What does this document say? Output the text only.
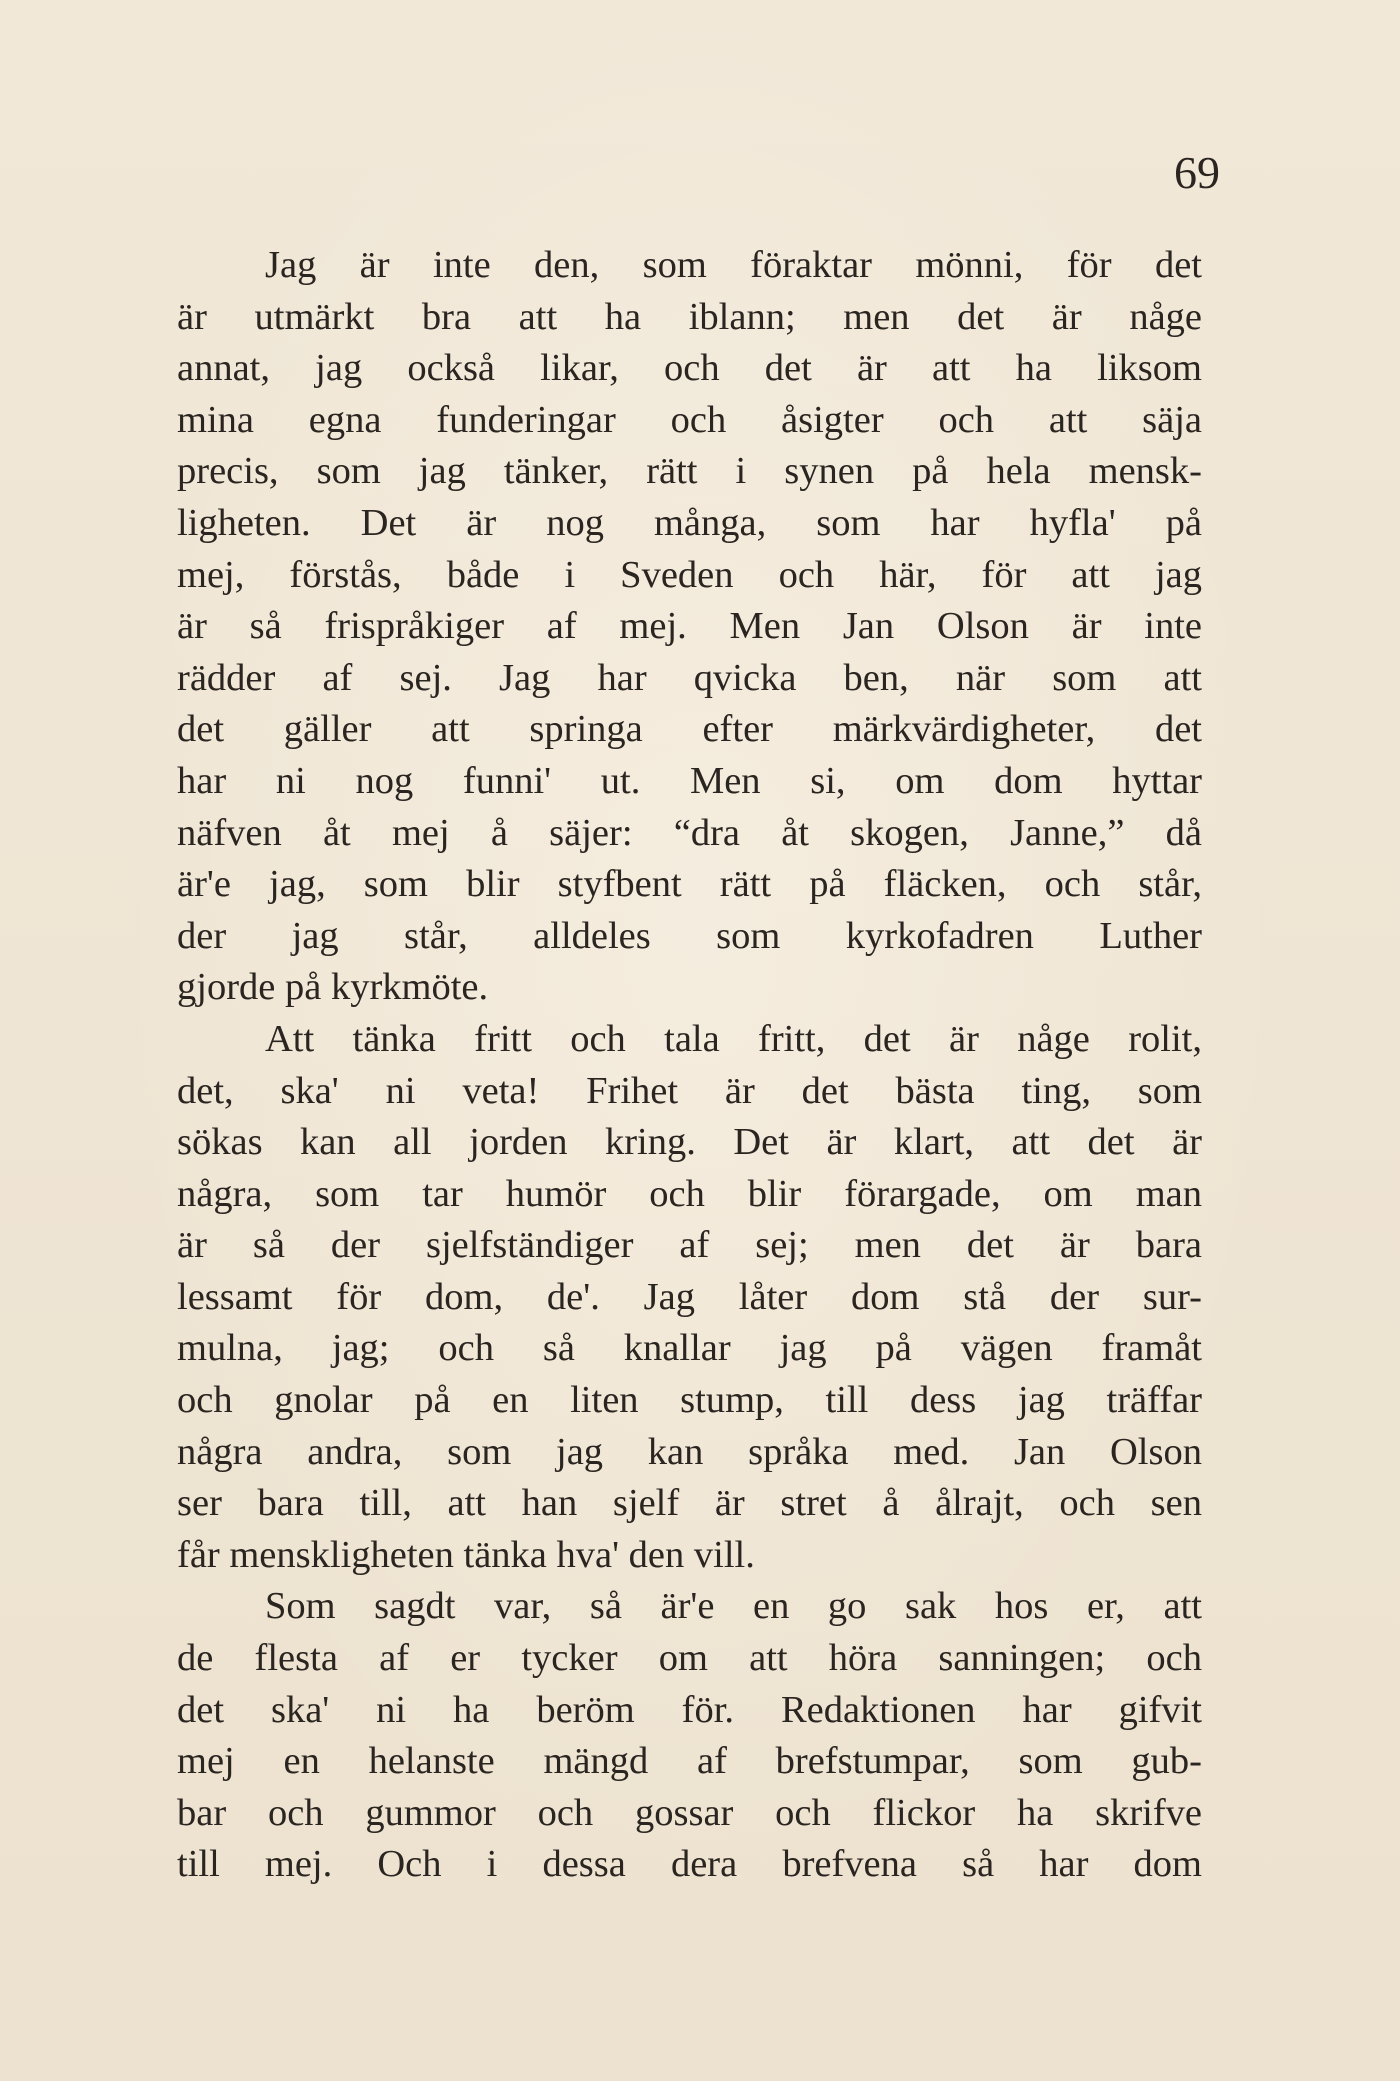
69
Jag är inte den, som föraktar mönni, för det
är utmärkt bra att ha iblann; men det är någe
annat, jag också likar, och det är att ha liksom
mina egna funderingar och åsigter och att säja
precis, som jag tänker, rätt i synen på hela mensk-
ligheten. Det är nog många, som har hyfla' på
mej, förstås, både i Sveden och här, för att jag
är så frispråkiger af mej. Men Jan Olson är inte
rädder af sej. Jag har qvicka ben, när som att
det gäller att springa efter märkvärdigheter, det
har ni nog funni' ut. Men si, om dom hyttar
näfven åt mej å säjer: “dra åt skogen, Janne,” då
är'e jag, som blir styfbent rätt på fläcken, och står,
der jag står, alldeles som kyrkofadren Luther
gjorde på kyrkmöte.
Att tänka fritt och tala fritt, det är någe rolit,
det, ska' ni veta! Frihet är det bästa ting, som
sökas kan all jorden kring. Det är klart, att det är
några, som tar humör och blir förargade, om man
är så der sjelfständiger af sej; men det är bara
lessamt för dom, de'. Jag låter dom stå der sur-
mulna, jag; och så knallar jag på vägen framåt
och gnolar på en liten stump, till dess jag träffar
några andra, som jag kan språka med. Jan Olson
ser bara till, att han sjelf är stret å ålrajt, och sen
får menskligheten tänka hva' den vill.
Som sagdt var, så är'e en go sak hos er, att
de flesta af er tycker om att höra sanningen; och
det ska' ni ha beröm för. Redaktionen har gifvit
mej en helanste mängd af brefstumpar, som gub-
bar och gummor och gossar och flickor ha skrifve
till mej. Och i dessa dera brefvena så har dom
